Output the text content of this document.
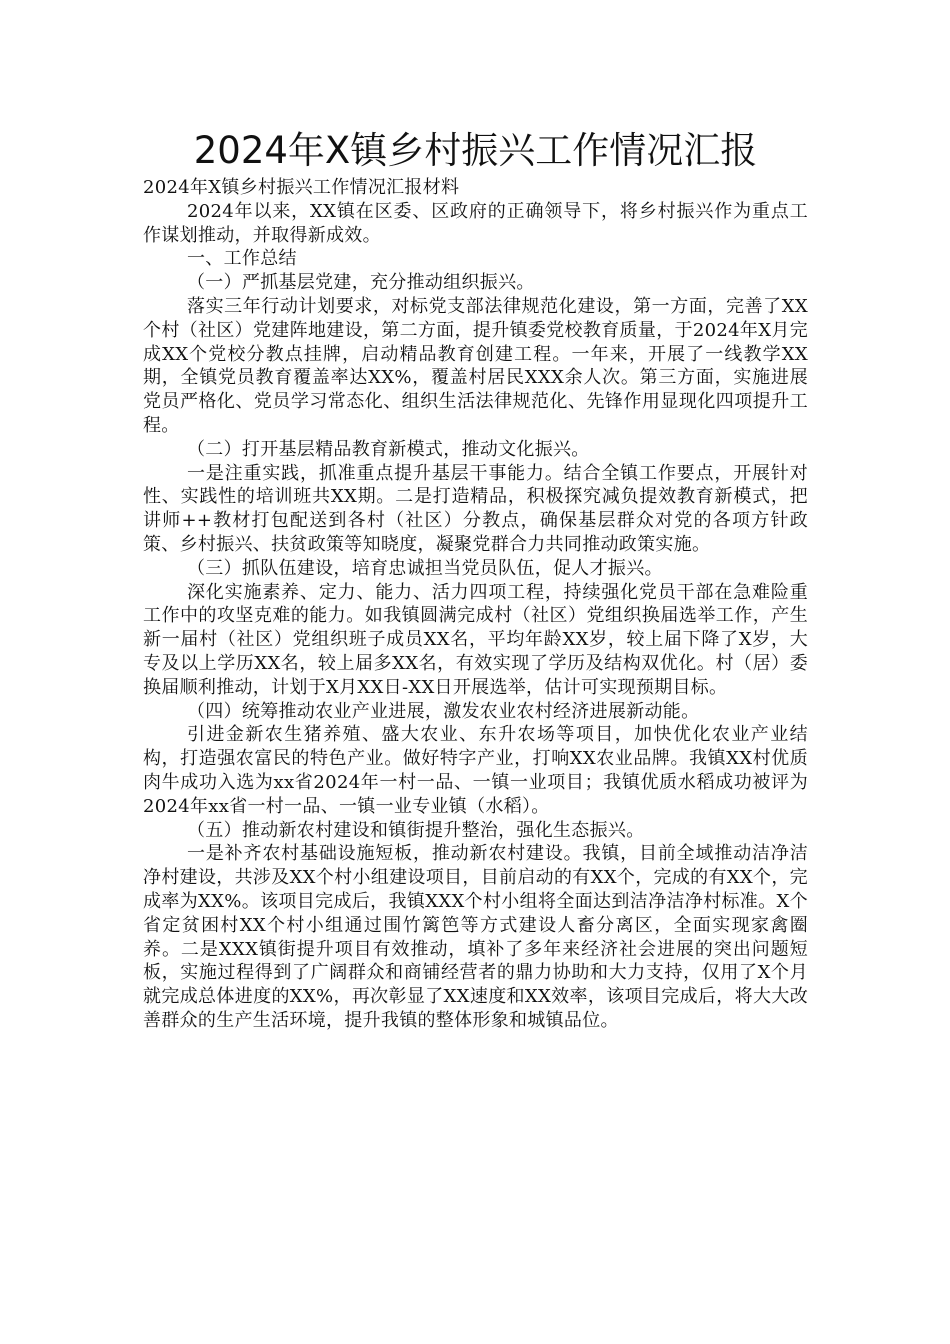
2024年X镇乡村振兴工作情况汇报

2024年X镇乡村振兴工作情况汇报材料

2024年以来，XX镇在区委、区政府的正确领导下，将乡村振兴作为重点工作谋划推动，并取得新成效。

一、工作总结

（一）严抓基层党建，充分推动组织振兴。

落实三年行动计划要求，对标党支部法律规范化建设，第一方面，完善了XX个村（社区）党建阵地建设，第二方面，提升镇委党校教育质量，于2024年X月完成XX个党校分教点挂牌，启动精品教育创建工程。一年来，开展了一线教学XX期，全镇党员教育覆盖率达XX%，覆盖村居民XXX余人次。第三方面，实施进展党员严格化、党员学习常态化、组织生活法律规范化、先锋作用显现化四项提升工程。

（二）打开基层精品教育新模式，推动文化振兴。

一是注重实践，抓准重点提升基层干事能力。结合全镇工作要点，开展针对性、实践性的培训班共XX期。二是打造精品，积极探究减负提效教育新模式，把讲师++教材打包配送到各村（社区）分教点，确保基层群众对党的各项方针政策、乡村振兴、扶贫政策等知晓度，凝聚党群合力共同推动政策实施。

（三）抓队伍建设，培育忠诚担当党员队伍，促人才振兴。

深化实施素养、定力、能力、活力四项工程，持续强化党员干部在急难险重工作中的攻坚克难的能力。如我镇圆满完成村（社区）党组织换届选举工作，产生新一届村（社区）党组织班子成员XX名，平均年龄XX岁，较上届下降了X岁，大专及以上学历XX名，较上届多XX名，有效实现了学历及结构双优化。村（居）委换届顺利推动，计划于X月XX日-XX日开展选举，估计可实现预期目标。

（四）统筹推动农业产业进展，激发农业农村经济进展新动能。

引进金新农生猪养殖、盛大农业、东升农场等项目，加快优化农业产业结构，打造强农富民的特色产业。做好特字产业，打响XX农业品牌。我镇XX村优质肉牛成功入选为xx省2024年一村一品、一镇一业项目；我镇优质水稻成功被评为2024年xx省一村一品、一镇一业专业镇（水稻）。

（五）推动新农村建设和镇街提升整治，强化生态振兴。

一是补齐农村基础设施短板，推动新农村建设。我镇，目前全域推动洁净洁净村建设，共涉及XX个村小组建设项目，目前启动的有XX个，完成的有XX个，完成率为XX%。该项目完成后，我镇XXX个村小组将全面达到洁净洁净村标准。X个省定贫困村XX个村小组通过围竹篱笆等方式建设人畜分离区，全面实现家禽圈养。二是XXX镇街提升项目有效推动，填补了多年来经济社会进展的突出问题短板，实施过程得到了广阔群众和商铺经营者的鼎力协助和大力支持，仅用了X个月就完成总体进度的XX%，再次彰显了XX速度和XX效率，该项目完成后，将大大改善群众的生产生活环境，提升我镇的整体形象和城镇品位。
